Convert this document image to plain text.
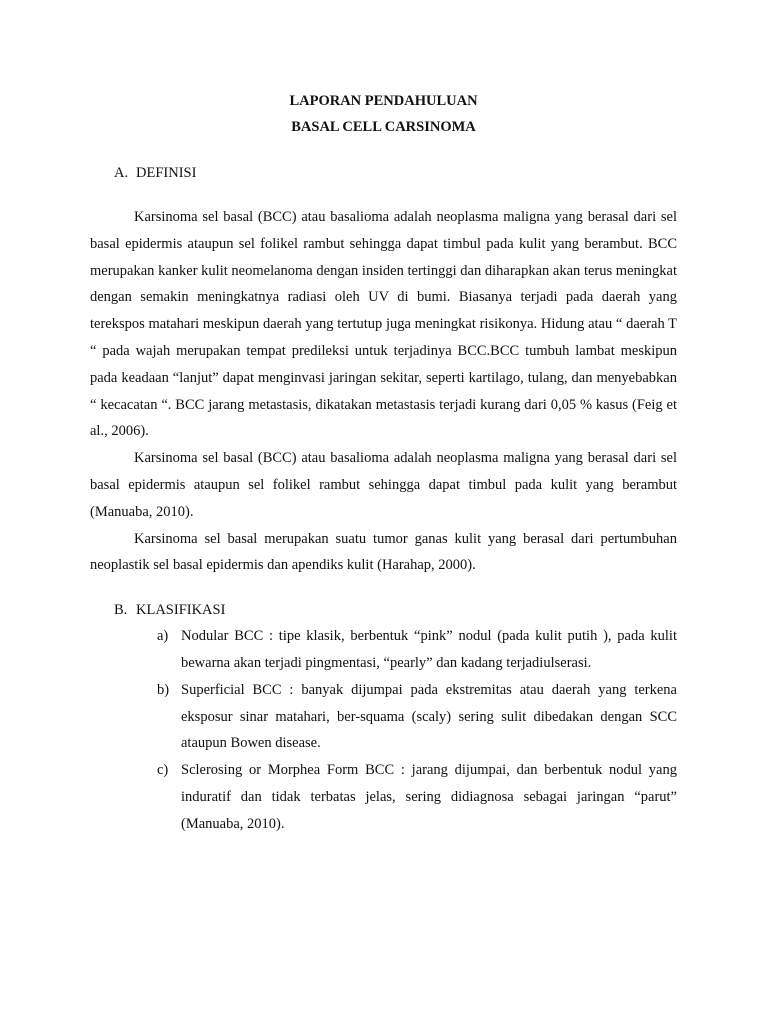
LAPORAN PENDAHULUAN

BASAL CELL CARSINOMA

A. DEFINISI

Karsinoma sel basal (BCC) atau basalioma adalah neoplasma maligna yang berasal dari sel basal epidermis ataupun sel folikel rambut sehingga dapat timbul pada kulit yang berambut. BCC merupakan kanker kulit neomelanoma dengan insiden tertinggi dan diharapkan akan terus meningkat dengan semakin meningkatnya radiasi oleh UV di bumi. Biasanya terjadi pada daerah yang terekspos matahari meskipun daerah yang tertutup juga meningkat risikonya. Hidung atau “ daerah T “ pada wajah merupakan tempat predileksi untuk terjadinya BCC.BCC tumbuh lambat meskipun pada keadaan “lanjut” dapat menginvasi jaringan sekitar, seperti kartilago, tulang, dan menyebabkan “ kecacatan “. BCC jarang metastasis, dikatakan metastasis terjadi kurang dari 0,05 % kasus (Feig et al., 2006).

Karsinoma sel basal (BCC) atau basalioma adalah neoplasma maligna yang berasal dari sel basal epidermis ataupun sel folikel rambut sehingga dapat timbul pada kulit yang berambut (Manuaba, 2010).

Karsinoma sel basal merupakan suatu tumor ganas kulit yang berasal dari pertumbuhan neoplastik sel basal epidermis dan apendiks kulit (Harahap, 2000).

B. KLASIFIKASI

a) Nodular BCC : tipe klasik, berbentuk “pink” nodul (pada kulit putih ), pada kulit bewarna akan terjadi pingmentasi, “pearly” dan kadang terjadiulserasi.
b) Superficial BCC : banyak dijumpai pada ekstremitas atau daerah yang terkena eksposur sinar matahari, ber-squama (scaly) sering sulit dibedakan dengan SCC ataupun Bowen disease.
c) Sclerosing or Morphea Form BCC : jarang dijumpai, dan berbentuk nodul yang induratif dan tidak terbatas jelas, sering didiagnosa sebagai jaringan “parut” (Manuaba, 2010).
